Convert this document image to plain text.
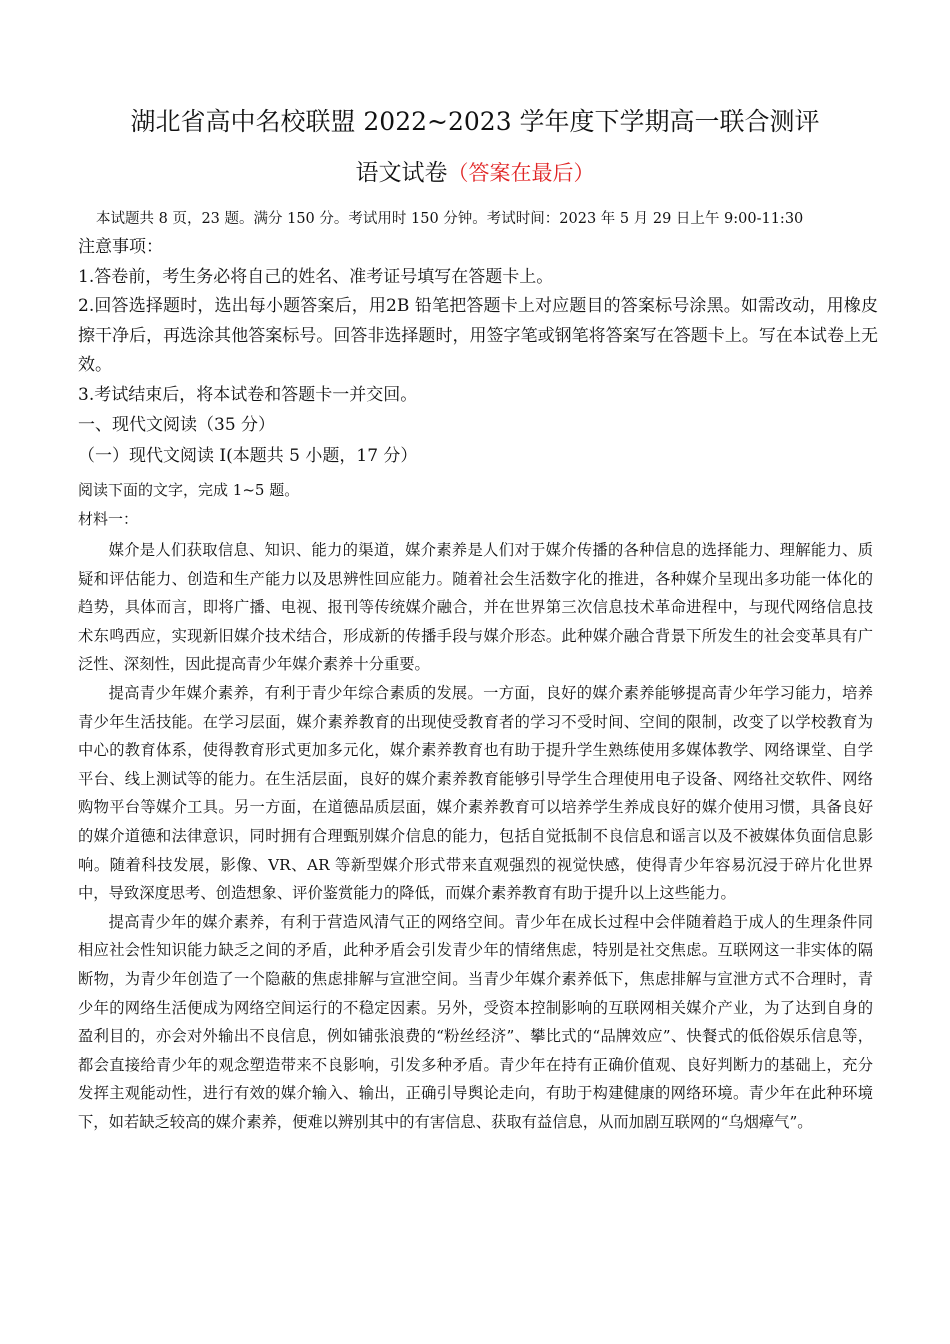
湖北省高中名校联盟 2022~2023 学年度下学期高一联合测评
语文试卷（答案在最后）
本试题共 8 页，23 题。满分 150 分。考试用时 150 分钟。考试时间：2023 年 5 月 29 日上午 9:00-11:30

注意事项：

1.答卷前，考生务必将自己的姓名、准考证号填写在答题卡上。

2.回答选择题时，选出每小题答案后，用2B 铅笔把答题卡上对应题目的答案标号涂黑。如需改动，用橡皮擦干净后，再选涂其他答案标号。回答非选择题时，用签字笔或钢笔将答案写在答题卡上。写在本试卷上无效。

3.考试结束后，将本试卷和答题卡一并交回。

一、现代文阅读（35 分）
（一）现代文阅读 I(本题共 5 小题，17 分）
阅读下面的文字，完成 1~5 题。
材料一：

媒介是人们获取信息、知识、能力的渠道，媒介素养是人们对于媒介传播的各种信息的选择能力、理解能力、质疑和评估能力、创造和生产能力以及思辨性回应能力。随着社会生活数字化的推进，各种媒介呈现出多功能一体化的趋势，具体而言，即将广播、电视、报刊等传统媒介融合，并在世界第三次信息技术革命进程中，与现代网络信息技术东鸣西应，实现新旧媒介技术结合，形成新的传播手段与媒介形态。此种媒介融合背景下所发生的社会变革具有广泛性、深刻性，因此提高青少年媒介素养十分重要。

提高青少年媒介素养，有利于青少年综合素质的发展。一方面，良好的媒介素养能够提高青少年学习能力，培养青少年生活技能。在学习层面，媒介素养教育的出现使受教育者的学习不受时间、空间的限制，改变了以学校教育为中心的教育体系，使得教育形式更加多元化，媒介素养教育也有助于提升学生熟练使用多媒体教学、网络课堂、自学平台、线上测试等的能力。在生活层面，良好的媒介素养教育能够引导学生合理使用电子设备、网络社交软件、网络购物平台等媒介工具。另一方面，在道德品质层面，媒介素养教育可以培养学生养成良好的媒介使用习惯，具备良好的媒介道德和法律意识，同时拥有合理甄别媒介信息的能力，包括自觉抵制不良信息和谣言以及不被媒体负面信息影响。随着科技发展，影像、VR、AR 等新型媒介形式带来直观强烈的视觉快感，使得青少年容易沉浸于碎片化世界中，导致深度思考、创造想象、评价鉴赏能力的降低，而媒介素养教育有助于提升以上这些能力。

提高青少年的媒介素养，有利于营造风清气正的网络空间。青少年在成长过程中会伴随着趋于成人的生理条件同相应社会性知识能力缺乏之间的矛盾，此种矛盾会引发青少年的情绪焦虑，特别是社交焦虑。互联网这一非实体的隔断物，为青少年创造了一个隐蔽的焦虑排解与宣泄空间。当青少年媒介素养低下，焦虑排解与宣泄方式不合理时，青少年的网络生活便成为网络空间运行的不稳定因素。另外，受资本控制影响的互联网相关媒介产业，为了达到自身的盈利目的，亦会对外输出不良信息，例如铺张浪费的“粉丝经济”、攀比式的“品牌效应”、快餐式的低俗娱乐信息等，都会直接给青少年的观念塑造带来不良影响，引发多种矛盾。青少年在持有正确价值观、良好判断力的基础上，充分发挥主观能动性，进行有效的媒介输入、输出，正确引导舆论走向，有助于构建健康的网络环境。青少年在此种环境下，如若缺乏较高的媒介素养，便难以辨别其中的有害信息、获取有益信息，从而加剧互联网的“乌烟瘴气”。
